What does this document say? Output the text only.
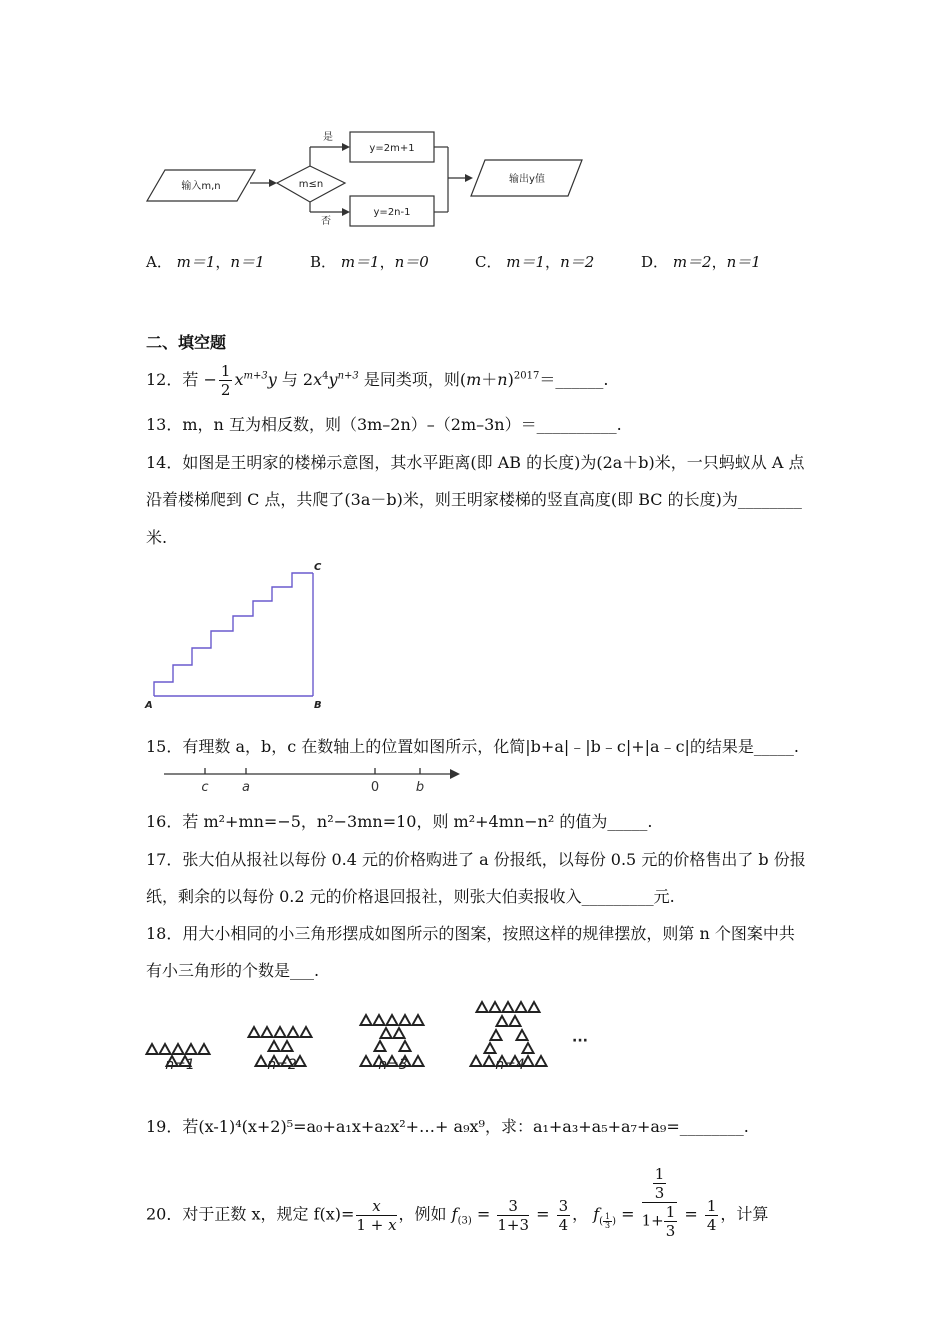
输入m,n	m≤n
是
否
y=2m+1
y=2n-1
输出y值
A． m＝1，n＝1	B． m＝1，n＝0	C． m＝1，n＝2	D． m＝2，n＝1
二、填空题
12．若 − $\frac{1}{2} x^{m+3}y$ 与 $2x^4y^{n+3}$ 是同类项，则$(m+n)^{2017}=\_\_\_\_\_\_$.
13．m，n 互为相反数，则（3m–2n）–（2m–3n）＝__________.
14．如图是王明家的楼梯示意图，其水平距离(即 AB 的长度)为(2a＋b)米，一只蚂蚁从 A 点
沿着楼梯爬到 C 点，共爬了(3a－b)米，则王明家楼梯的竖直高度(即 BC 的长度)为________
米.
A	B
C
15．有理数 a，b，c 在数轴上的位置如图所示，化简|b+a|﹣|b﹣c|+|a﹣c|的结果是_____.
c	a	0	b
16．若 m²+mn=−5，n²−3mn=10，则 m²+4mn−n² 的值为_____.
17．张大伯从报社以每份 0.4 元的价格购进了 a 份报纸，以每份 0.5 元的价格售出了 b 份报
纸，剩余的以每份 0.2 元的价格退回报社，则张大伯卖报收入_________元.
18．用大小相同的小三角形摆成如图所示的图案，按照这样的规律摆放，则第 n 个图案中共
有小三角形的个数是___.
n=1	n=2	n=3	n=4
···
19．若(x-1)⁴(x+2)⁵=a₀+a₁x+a₂x²+…+ a₉x⁹，求：a₁+a₃+a₅+a₇+a₉=________.
20．对于正数 x，规定 $f(x)= \frac{x}{1 + x}$ ，例如 $f_{(3)} = \frac{3}{1+3} = \frac{3}{4}$ ， $f_{( \frac{1}{3} )} = \frac{\frac{1}{3}}{1+ \frac{1}{3}} = \frac{1}{4}$ ，计算
